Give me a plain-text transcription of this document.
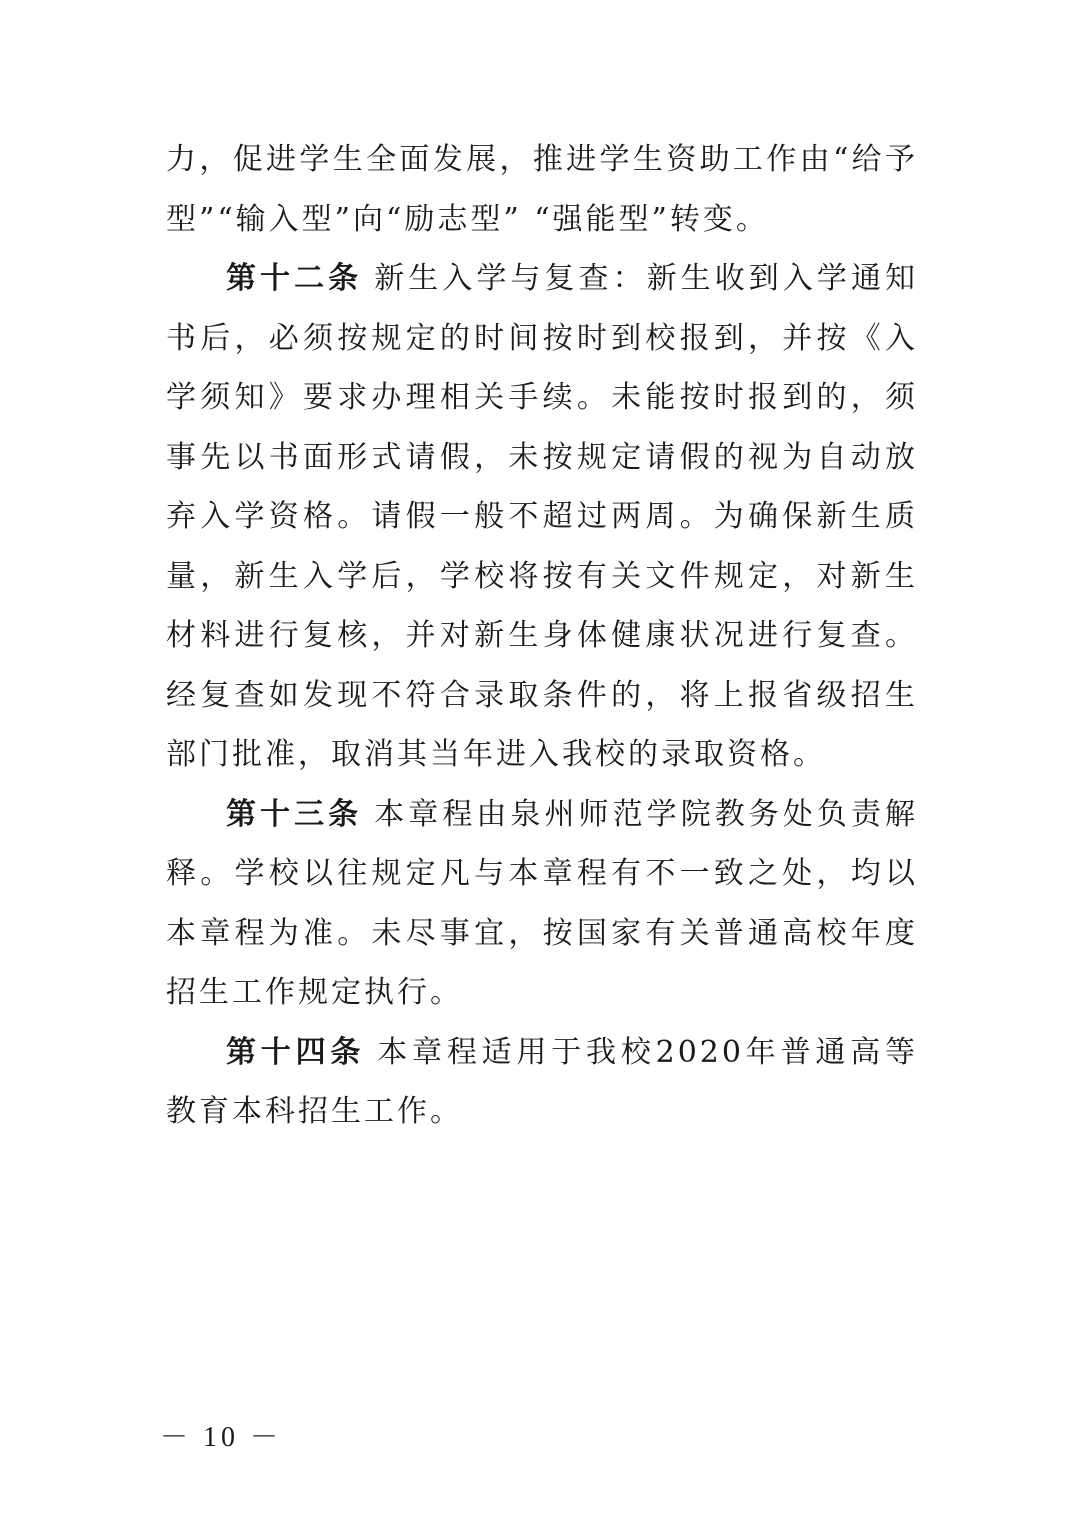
力，促进学生全面发展，推进学生资助工作由“给予型”“输入型”向“励志型” “强能型”转变。

第十二条 新生入学与复查：新生收到入学通知书后，必须按规定的时间按时到校报到，并按《入学须知》要求办理相关手续。未能按时报到的，须事先以书面形式请假，未按规定请假的视为自动放弃入学资格。请假一般不超过两周。为确保新生质量，新生入学后，学校将按有关文件规定，对新生材料进行复核，并对新生身体健康状况进行复查。经复查如发现不符合录取条件的，将上报省级招生部门批准，取消其当年进入我校的录取资格。

第十三条 本章程由泉州师范学院教务处负责解释。学校以往规定凡与本章程有不一致之处，均以本章程为准。未尽事宜，按国家有关普通高校年度招生工作规定执行。

第十四条 本章程适用于我校2020年普通高等教育本科招生工作。

－ 10 －
